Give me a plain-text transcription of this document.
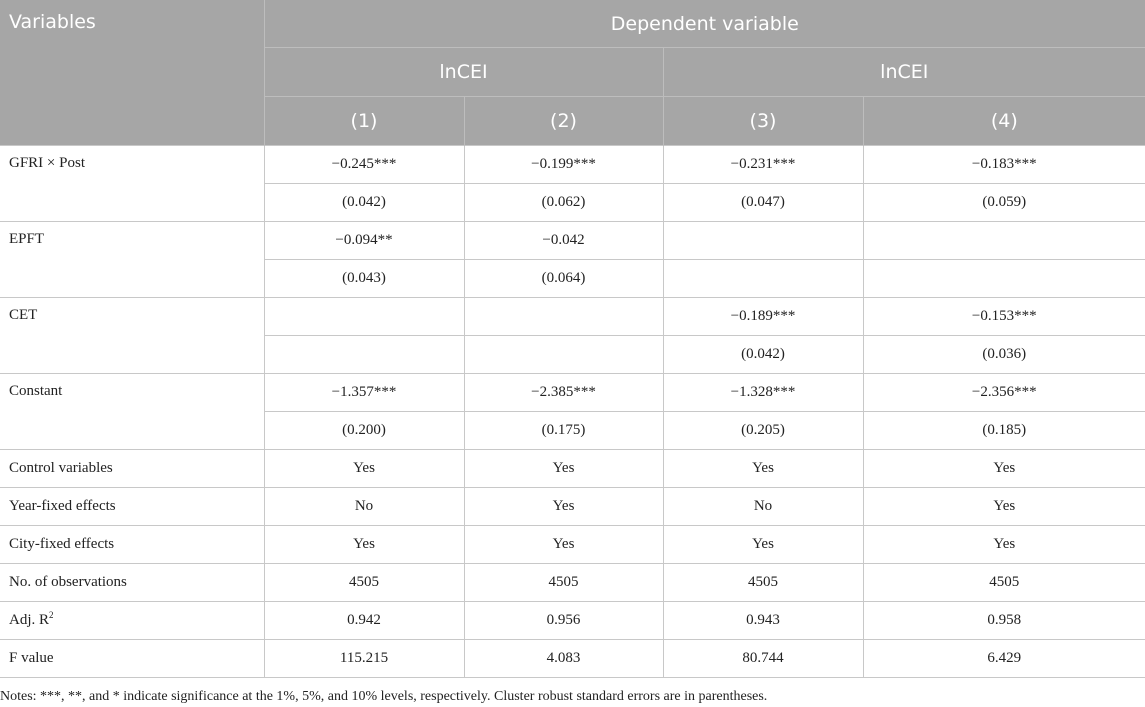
Variables	Dependent variable			
	lnCEI		lnCEI	
	(1)	(2)	(3)	(4)
GFRI × Post	−0.245***	−0.199***	−0.231***	−0.183***
	(0.042)	(0.062)	(0.047)	(0.059)
EPFT	−0.094**	−0.042		
	(0.043)	(0.064)		
CET			−0.189***	−0.153***
			(0.042)	(0.036)
Constant	−1.357***	−2.385***	−1.328***	−2.356***
	(0.200)	(0.175)	(0.205)	(0.185)
Control variables	Yes	Yes	Yes	Yes
Year-fixed effects	No	Yes	No	Yes
City-fixed effects	Yes	Yes	Yes	Yes
No. of observations	4505	4505	4505	4505
Adj. $R^2$	0.942	0.956	0.943	0.958
F value	115.215	4.083	80.744	6.429
Notes: ***, **, and * indicate significance at the 1%, 5%, and 10% levels, respectively. Cluster robust standard errors are in parentheses.
